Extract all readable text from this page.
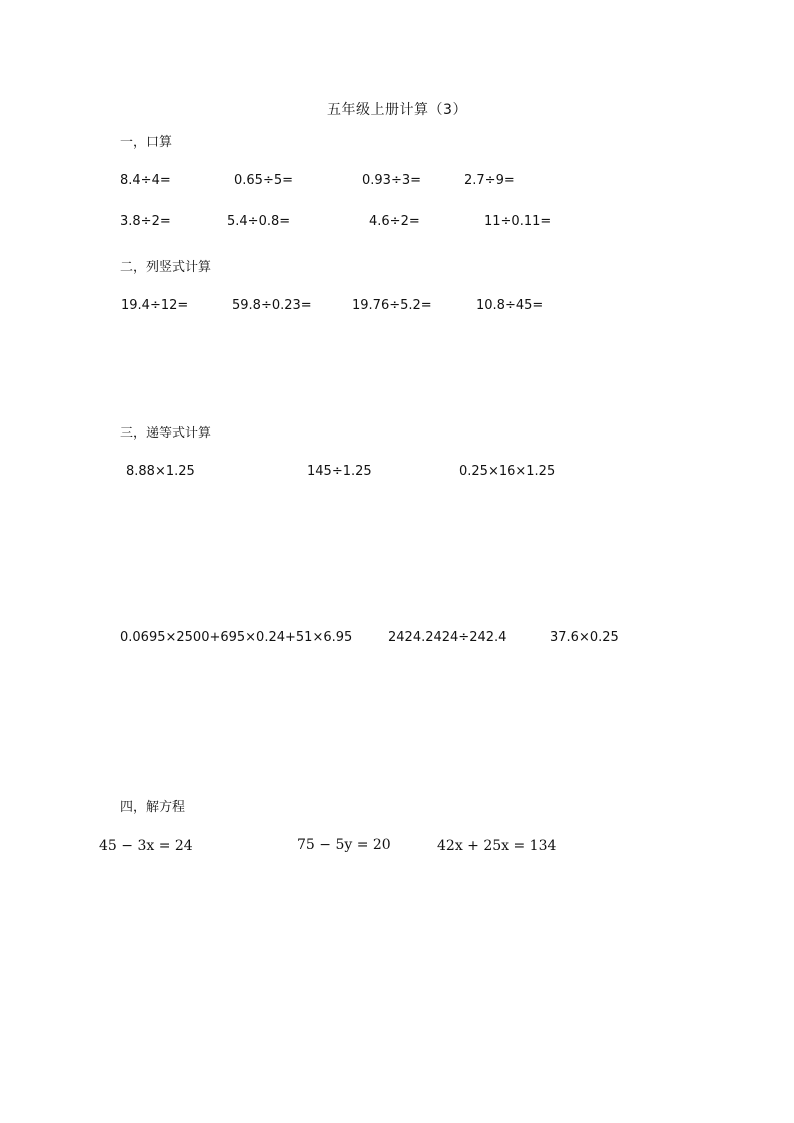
五年级上册计算（3）
一，口算
8.4÷4=	0.65÷5=	0.93÷3=	2.7÷9=
3.8÷2=	5.4÷0.8=	4.6÷2=	11÷0.11=
二，列竖式计算
19.4÷12=	59.8÷0.23=	19.76÷5.2=	10.8÷45=
三，递等式计算
8.88×1.25	145÷1.25	0.25×16×1.25
0.0695×2500+695×0.24+51×6.95	2424.2424÷242.4	37.6×0.25
四，解方程
45 − 3x = 24	75 − 5y = 20	42x + 25x = 134
